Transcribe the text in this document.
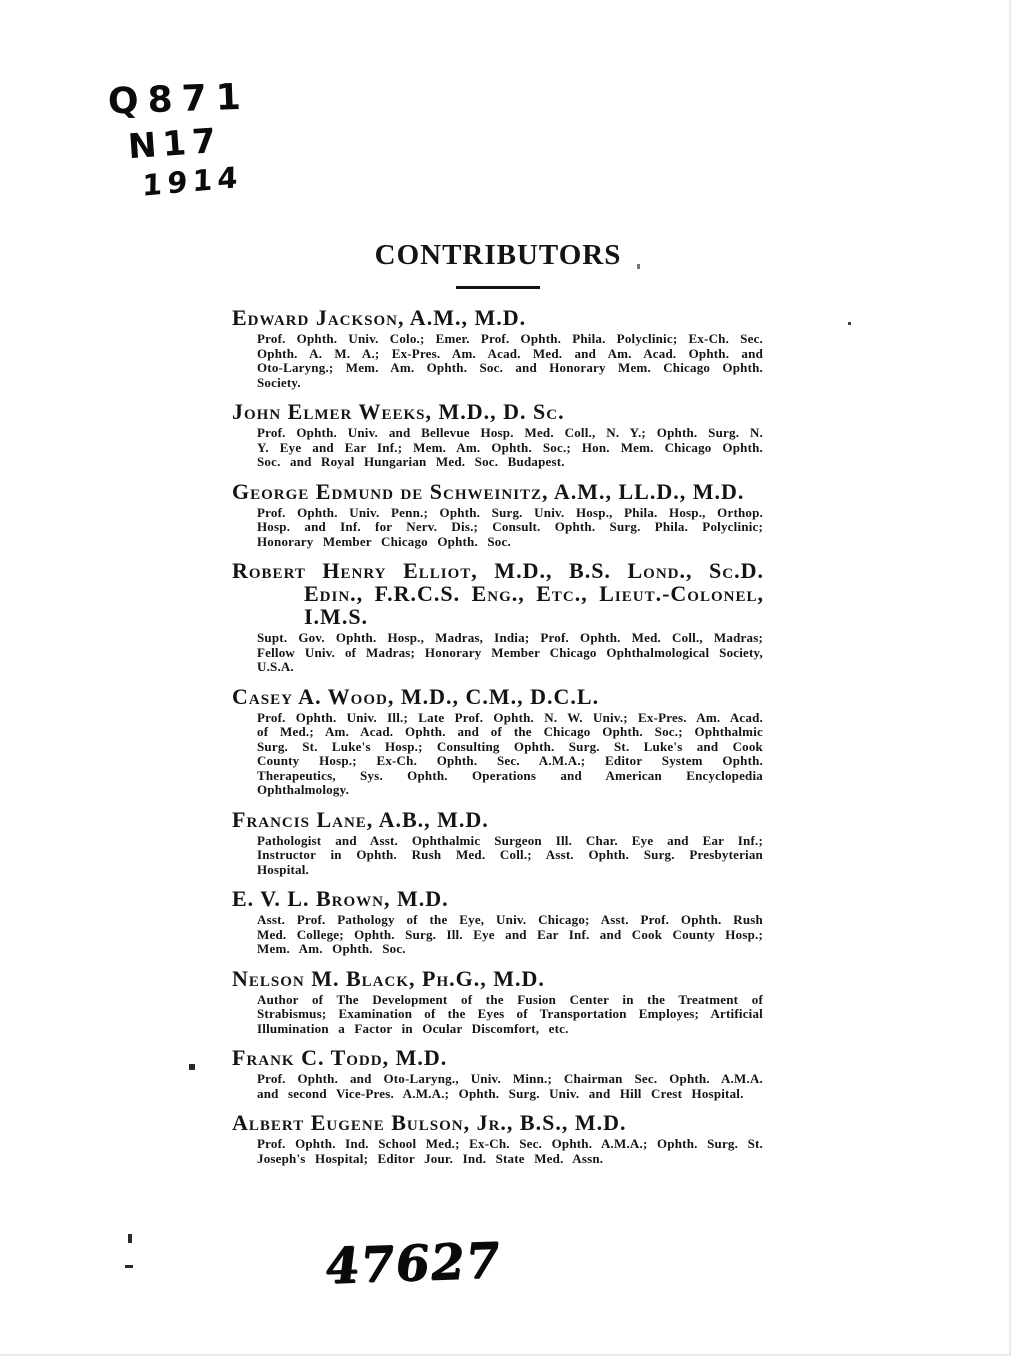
Q871
N17
1914
CONTRIBUTORS
Edward Jackson, A.M., M.D.

Prof. Ophth. Univ. Colo.; Emer. Prof. Ophth. Phila. Polyclinic; Ex-Ch. Sec. Ophth. A. M. A.; Ex-Pres. Am. Acad. Med. and Am. Acad. Ophth. and Oto-Laryng.; Mem. Am. Ophth. Soc. and Honorary Mem. Chicago Ophth. Society.

John Elmer Weeks, M.D., D. Sc.

Prof. Ophth. Univ. and Bellevue Hosp. Med. Coll., N. Y.; Ophth. Surg. N. Y. Eye and Ear Inf.; Mem. Am. Ophth. Soc.; Hon. Mem. Chicago Ophth. Soc. and Royal Hungarian Med. Soc. Budapest.

George Edmund de Schweinitz, A.M., LL.D., M.D.

Prof. Ophth. Univ. Penn.; Ophth. Surg. Univ. Hosp., Phila. Hosp., Orthop. Hosp. and Inf. for Nerv. Dis.; Consult. Ophth. Surg. Phila. Polyclinic; Honorary Member Chicago Ophth. Soc.

Robert Henry Elliot, M.D., B.S. Lond., Sc.D. Edin., F.R.C.S. Eng., Etc., Lieut.-Colonel, I.M.S.

Supt. Gov. Ophth. Hosp., Madras, India; Prof. Ophth. Med. Coll., Madras; Fellow Univ. of Madras; Honorary Member Chicago Ophthalmological Society, U.S.A.

Casey A. Wood, M.D., C.M., D.C.L.

Prof. Ophth. Univ. Ill.; Late Prof. Ophth. N. W. Univ.; Ex-Pres. Am. Acad. of Med.; Am. Acad. Ophth. and of the Chicago Ophth. Soc.; Ophthalmic Surg. St. Luke's Hosp.; Consulting Ophth. Surg. St. Luke's and Cook County Hosp.; Ex-Ch. Ophth. Sec. A.M.A.; Editor System Ophth. Therapeutics, Sys. Ophth. Operations and American Encyclopedia Ophthalmology.

Francis Lane, A.B., M.D.

Pathologist and Asst. Ophthalmic Surgeon Ill. Char. Eye and Ear Inf.; Instructor in Ophth. Rush Med. Coll.; Asst. Ophth. Surg. Presbyterian Hospital.

E. V. L. Brown, M.D.

Asst. Prof. Pathology of the Eye, Univ. Chicago; Asst. Prof. Ophth. Rush Med. College; Ophth. Surg. Ill. Eye and Ear Inf. and Cook County Hosp.; Mem. Am. Ophth. Soc.

Nelson M. Black, Ph.G., M.D.

Author of The Development of the Fusion Center in the Treatment of Strabismus; Examination of the Eyes of Transportation Employes; Artificial Illumination a Factor in Ocular Discomfort, etc.

Frank C. Todd, M.D.

Prof. Ophth. and Oto-Laryng., Univ. Minn.; Chairman Sec. Ophth. A.M.A. and second Vice-Pres. A.M.A.; Ophth. Surg. Univ. and Hill Crest Hospital.

Albert Eugene Bulson, Jr., B.S., M.D.

Prof. Ophth. Ind. School Med.; Ex-Ch. Sec. Ophth. A.M.A.; Ophth. Surg. St. Joseph's Hospital; Editor Jour. Ind. State Med. Assn.

47627
